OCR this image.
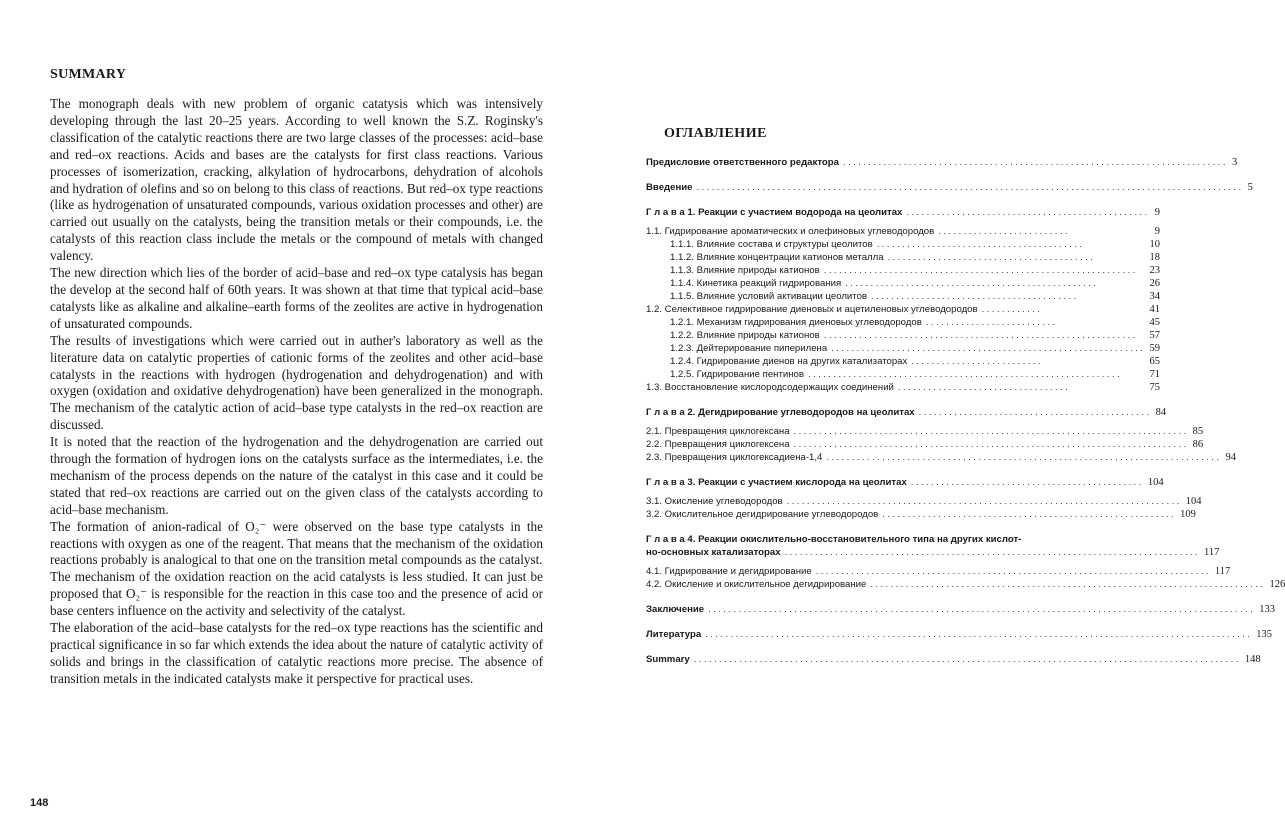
SUMMARY

The monograph deals with new problem of organic catatysis which was intensively developing through the last 20–25 years. According to well known the S.Z. Roginsky's classification of the catalytic reactions there are two large classes of the processes: acid–base and red–ox reactions. Acids and bases are the catalysts for first class reactions. Various processes of isomerization, cracking, alkylation of hydrocarbons, dehydration of alcohols and hydration of olefins and so on belong to this class of reactions. But red–ox type reactions (like as hydrogenation of unsaturated compounds, various oxidation processes and other) are carried out usually on the catalysts, being the transition metals or their compounds, i.e. the catalysts of this reaction class include the metals or the compound of metals with changed valency.

The new direction which lies of the border of acid–base and red–ox type catalysis has began the develop at the second half of 60th years. It was shown at that time that typical acid–base catalysts like as alkaline and alkaline–earth forms of the zeolites are active in hydrogenation of unsaturated compounds.

The results of investigations which were carried out in auther's laboratory as well as the literature data on catalytic properties of cationic forms of the zeolites and other acid–base catalysts in the reactions with hydrogen (hydrogenation and dehydrogenation) and with oxygen (oxidation and oxidative dehydrogenation) have been generalized in the monograph. The mechanism of the catalytic action of acid–base type catalysts in the red–ox reaction are discussed.

It is noted that the reaction of the hydrogenation and the dehydrogenation are carried out through the formation of hydrogen ions on the catalysts surface as the intermediates, i.e. the mechanism of the process depends on the nature of the catalyst in this case and it could be stated that red–ox reactions are carried out on the given class of the catalysts according to acid–base mechanism.

The formation of anion-radical of O₂⁻ were observed on the base type catalysts in the reactions with oxygen as one of the reagent. That means that the mechanism of the oxidation reactions probably is analogical to that one on the transition metal compounds as the catalyst.

The mechanism of the oxidation reaction on the acid catalysts is less studied. It can just be proposed that O₂⁻ is responsible for the reaction in this case too and the presence of acid or base centers influence on the activity and selectivity of the catalyst.

The elaboration of the acid–base catalysts for the red–ox type reactions has the scientific and practical significance in so far which extends the idea about the nature of catalytic activity of solids and brings in the classification of catalytic reactions more precise. The absence of transition metals in the indicated catalysts make it perspective for practical uses.

148
ОГЛАВЛЕНИЕ
Предисловие ответственного редактора ............................................................................ 3
Введение ............................................................................................................ 5
Г л а в а 1. Реакции с участием водорода на цеолитах ................................................ 9
1.1. Гидрирование ароматических и олефиновых углеводородов ..........................	9
1.1.1. Влияние состава и структуры цеолитов .........................................	10
1.1.2. Влияние концентрации катионов металла .........................................	18
1.1.3. Влияние природы катионов ..............................................................	23
1.1.4. Кинетика реакций гидрирования ..................................................	26
1.1.5. Влияние условий активации цеолитов .........................................	34
1.2. Селективное гидрирование диеновых и ацетиленовых углеводородов ............	41
1.2.1. Механизм гидрирования диеновых углеводородов ..........................	45
1.2.2. Влияние природы катионов ..............................................................	57
1.2.3. Дейтерирование пиперилена .............................................................. 59
1.2.4. Гидрирование диенов на других катализаторах ..........................	65
1.2.5. Гидрирование пентинов ..............................................................	71
1.3. Восстановление кислородсодержащих соединений ..................................	75
Г л а в а 2. Дегидрирование углеводородов на цеолитах .............................................. 84
2.1. Превращения циклогексана .............................................................................. 85
2.2. Превращения циклогексена .............................................................................. 86
2.3. Превращения циклогексадиена-1,4 .............................................................................. 94
Г л а в а 3. Реакции с участием кислорода на цеолитах .............................................. 104
3.1. Окисление углеводородов .............................................................................. 104
3.2. Окислительное дегидрирование углеводородов .......................................................... 109
Г л а в а 4. Реакции окислительно-восстановительного типа на других кислот-
но-основных катализаторах .................................................................................. 117
4.1. Гидрирование и дегидрирование .............................................................................. 117
4.2. Окисление и окислительное дегидрирование .............................................................................. 126
Заключение ............................................................................................................ 133
Литература ............................................................................................................ 135
Summary ............................................................................................................ 148
